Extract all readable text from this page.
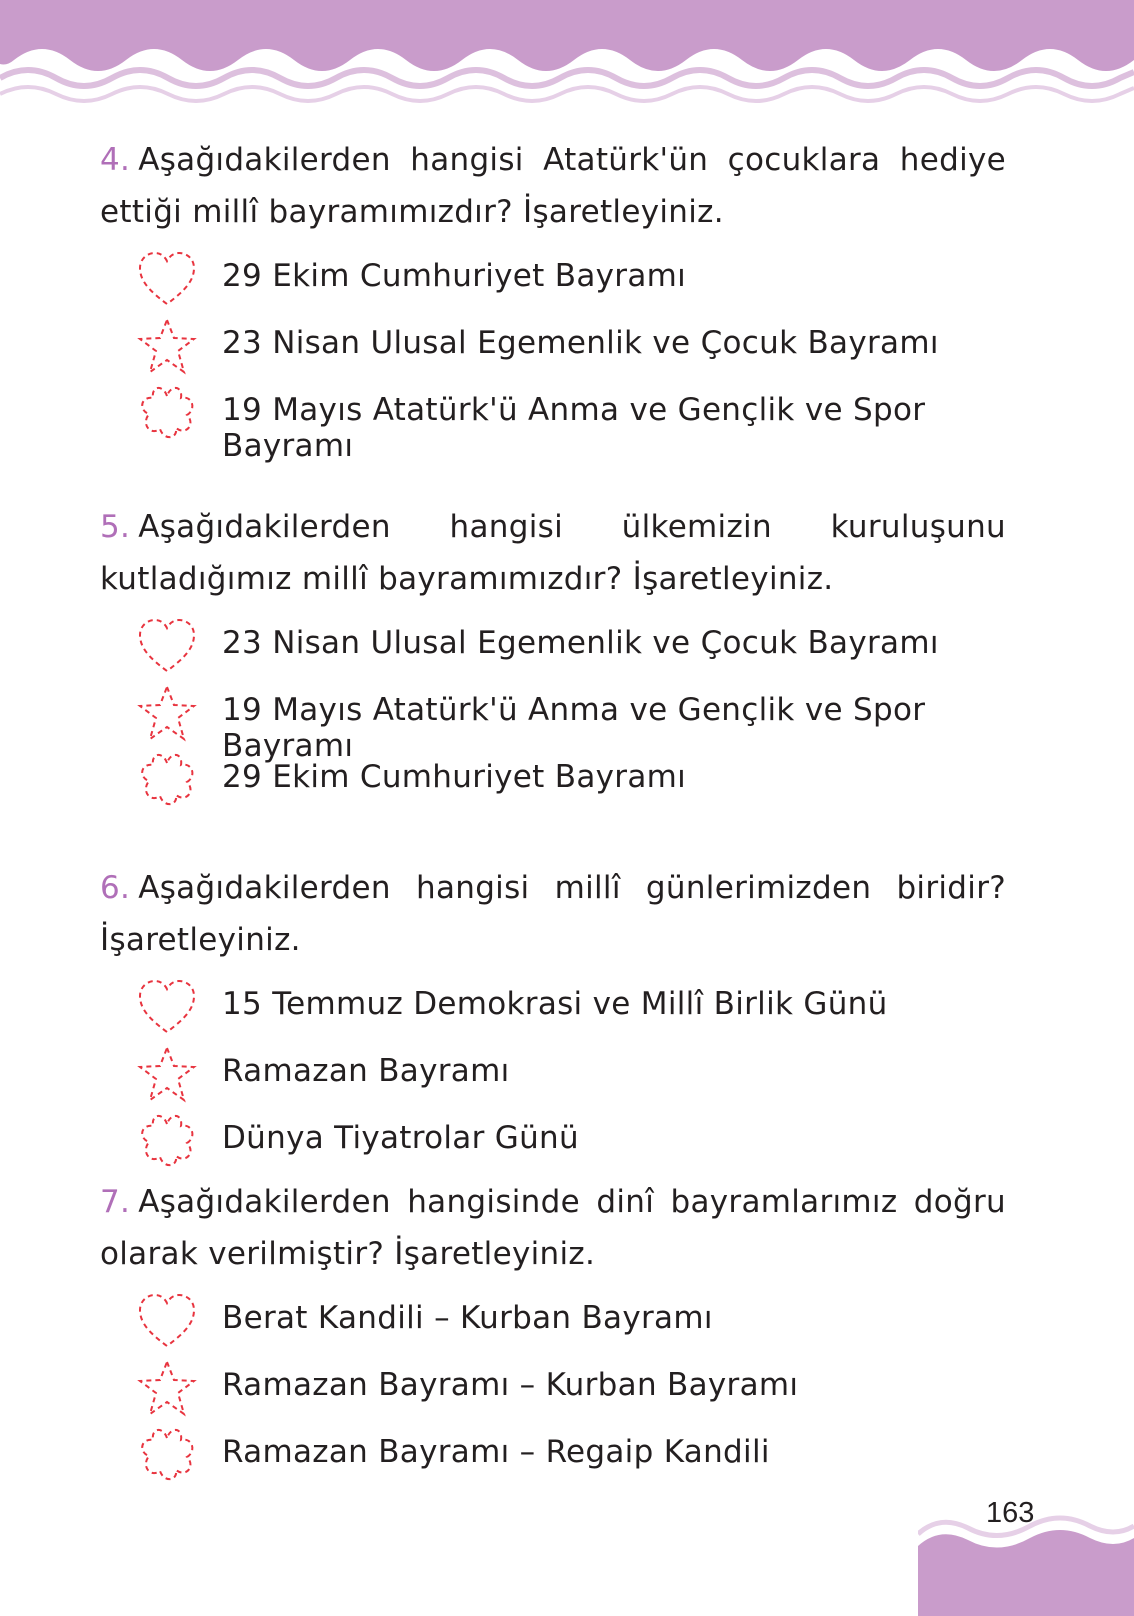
4. Aşağıdakilerden hangisi Atatürk'ün çocuklara hediye ettiği millî bayramımızdır? İşaretleyiniz.
29 Ekim Cumhuriyet Bayramı
23 Nisan Ulusal Egemenlik ve Çocuk Bayramı
19 Mayıs Atatürk'ü Anma ve Gençlik ve Spor Bayramı
5. Aşağıdakilerden hangisi ülkemizin kuruluşunu kutladığımız millî bayramımızdır? İşaretleyiniz.
23 Nisan Ulusal Egemenlik ve Çocuk Bayramı
19 Mayıs Atatürk'ü Anma ve Gençlik ve Spor Bayramı
29 Ekim Cumhuriyet Bayramı
6. Aşağıdakilerden hangisi millî günlerimizden biridir? İşaretleyiniz.
15 Temmuz Demokrasi ve Millî Birlik Günü
Ramazan Bayramı
Dünya Tiyatrolar Günü
7. Aşağıdakilerden hangisinde dinî bayramlarımız doğru olarak verilmiştir? İşaretleyiniz.
Berat Kandili – Kurban Bayramı
Ramazan Bayramı – Kurban Bayramı
Ramazan Bayramı – Regaip Kandili
163
